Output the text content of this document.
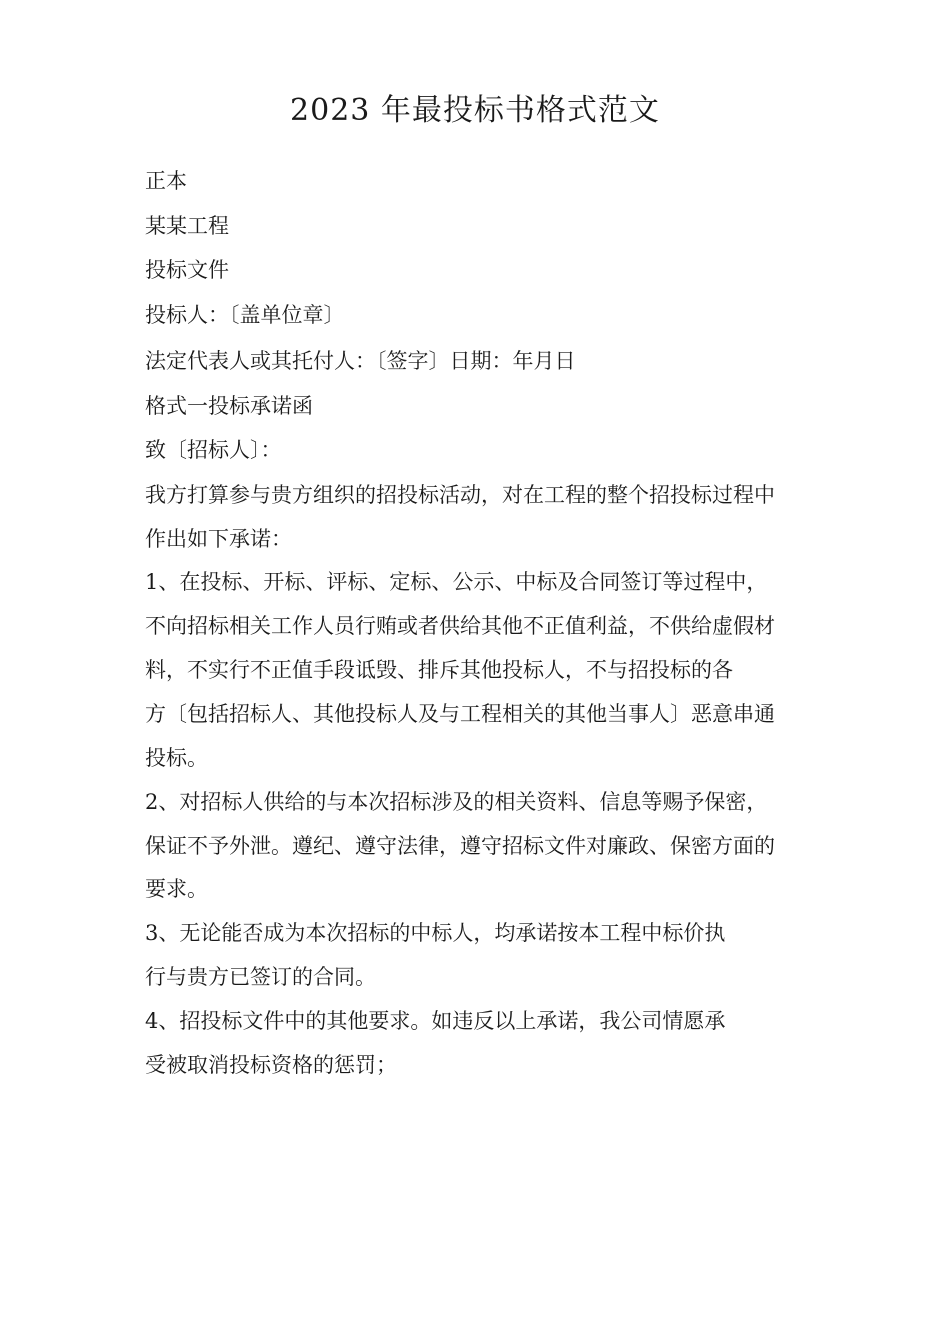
2023 年最投标书格式范文
正本
某某工程
投标文件
投标人：〔盖单位章〕
法定代表人或其托付人：〔签字〕日期：年月日
格式一投标承诺函
致〔招标人〕：
我方打算参与贵方组织的招投标活动，对在工程的整个招投标过程中
作出如下承诺：
1、在投标、开标、评标、定标、公示、中标及合同签订等过程中，
不向招标相关工作人员行贿或者供给其他不正值利益，不供给虚假材
料，不实行不正值手段诋毁、排斥其他投标人，不与招投标的各
方〔包括招标人、其他投标人及与工程相关的其他当事人〕恶意串通
投标。
2、对招标人供给的与本次招标涉及的相关资料、信息等赐予保密，
保证不予外泄。遵纪、遵守法律，遵守招标文件对廉政、保密方面的
要求。
3、无论能否成为本次招标的中标人，均承诺按本工程中标价执
行与贵方已签订的合同。
4、招投标文件中的其他要求。如违反以上承诺，我公司情愿承
受被取消投标资格的惩罚；
